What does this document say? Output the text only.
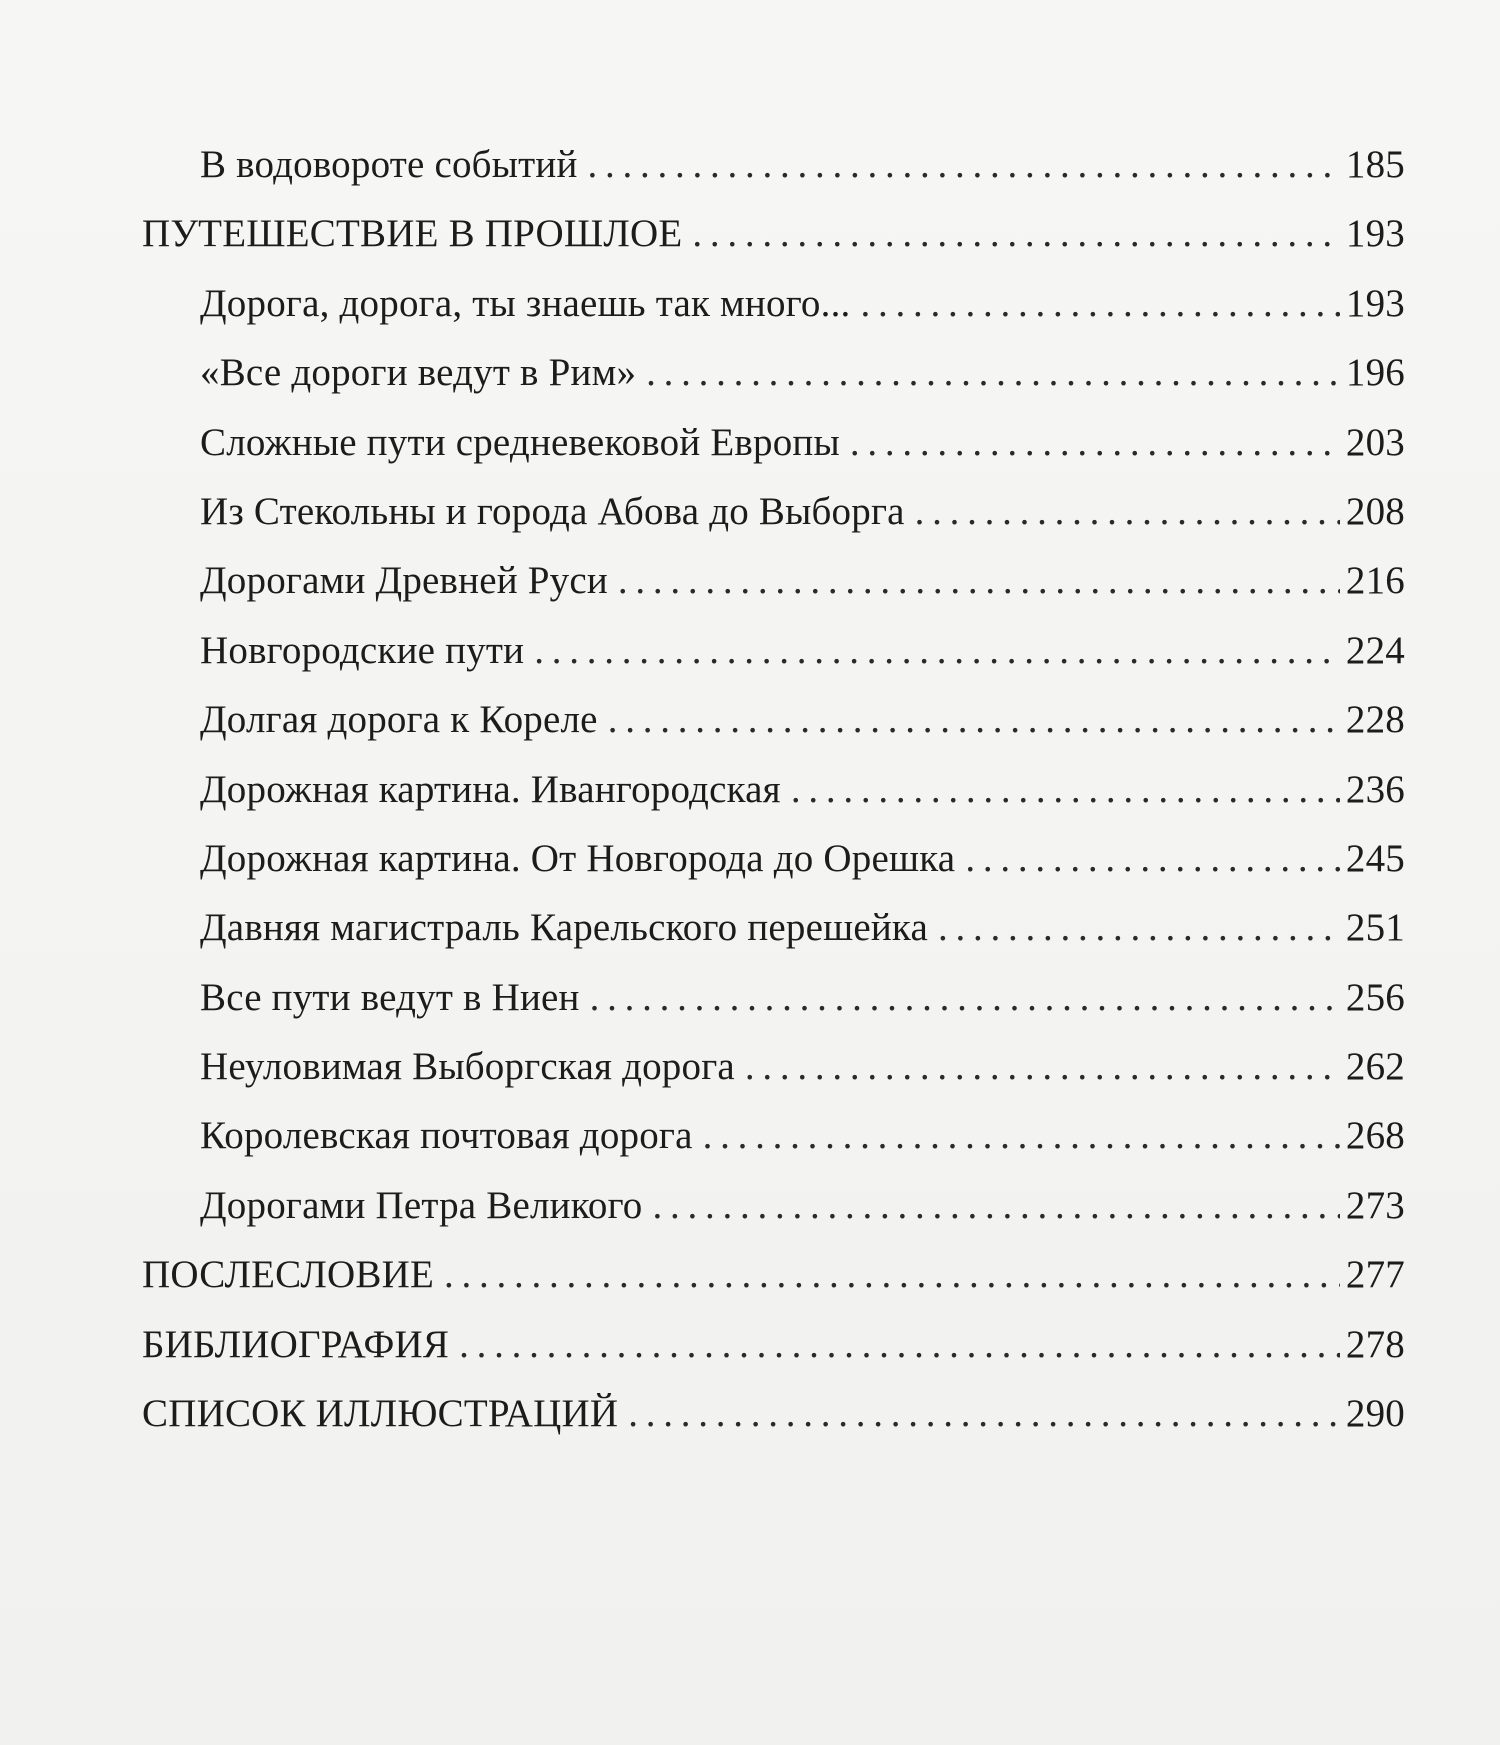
В водовороте событий . . .	185
ПУТЕШЕСТВИЕ В ПРОШЛОЕ . . .	193
Дорога, дорога, ты знаешь так много... . . .	193
«Все дороги ведут в Рим» . . .	196
Сложные пути средневековой Европы . . .	203
Из Стекольны и города Абова до Выборга . . .	208
Дорогами Древней Руси . . .	216
Новгородские пути . . .	224
Долгая дорога к Кореле . . .	228
Дорожная картина. Ивангородская . . .	236
Дорожная картина. От Новгорода до Орешка . . .	245
Давняя магистраль Карельского перешейка . . .	251
Все пути ведут в Ниен . . .	256
Неуловимая Выборгская дорога . . .	262
Королевская почтовая дорога . . .	268
Дорогами Петра Великого . . .	273
ПОСЛЕСЛОВИЕ . . .	277
БИБЛИОГРАФИЯ . . .	278
СПИСОК ИЛЛЮСТРАЦИЙ . . .	290
